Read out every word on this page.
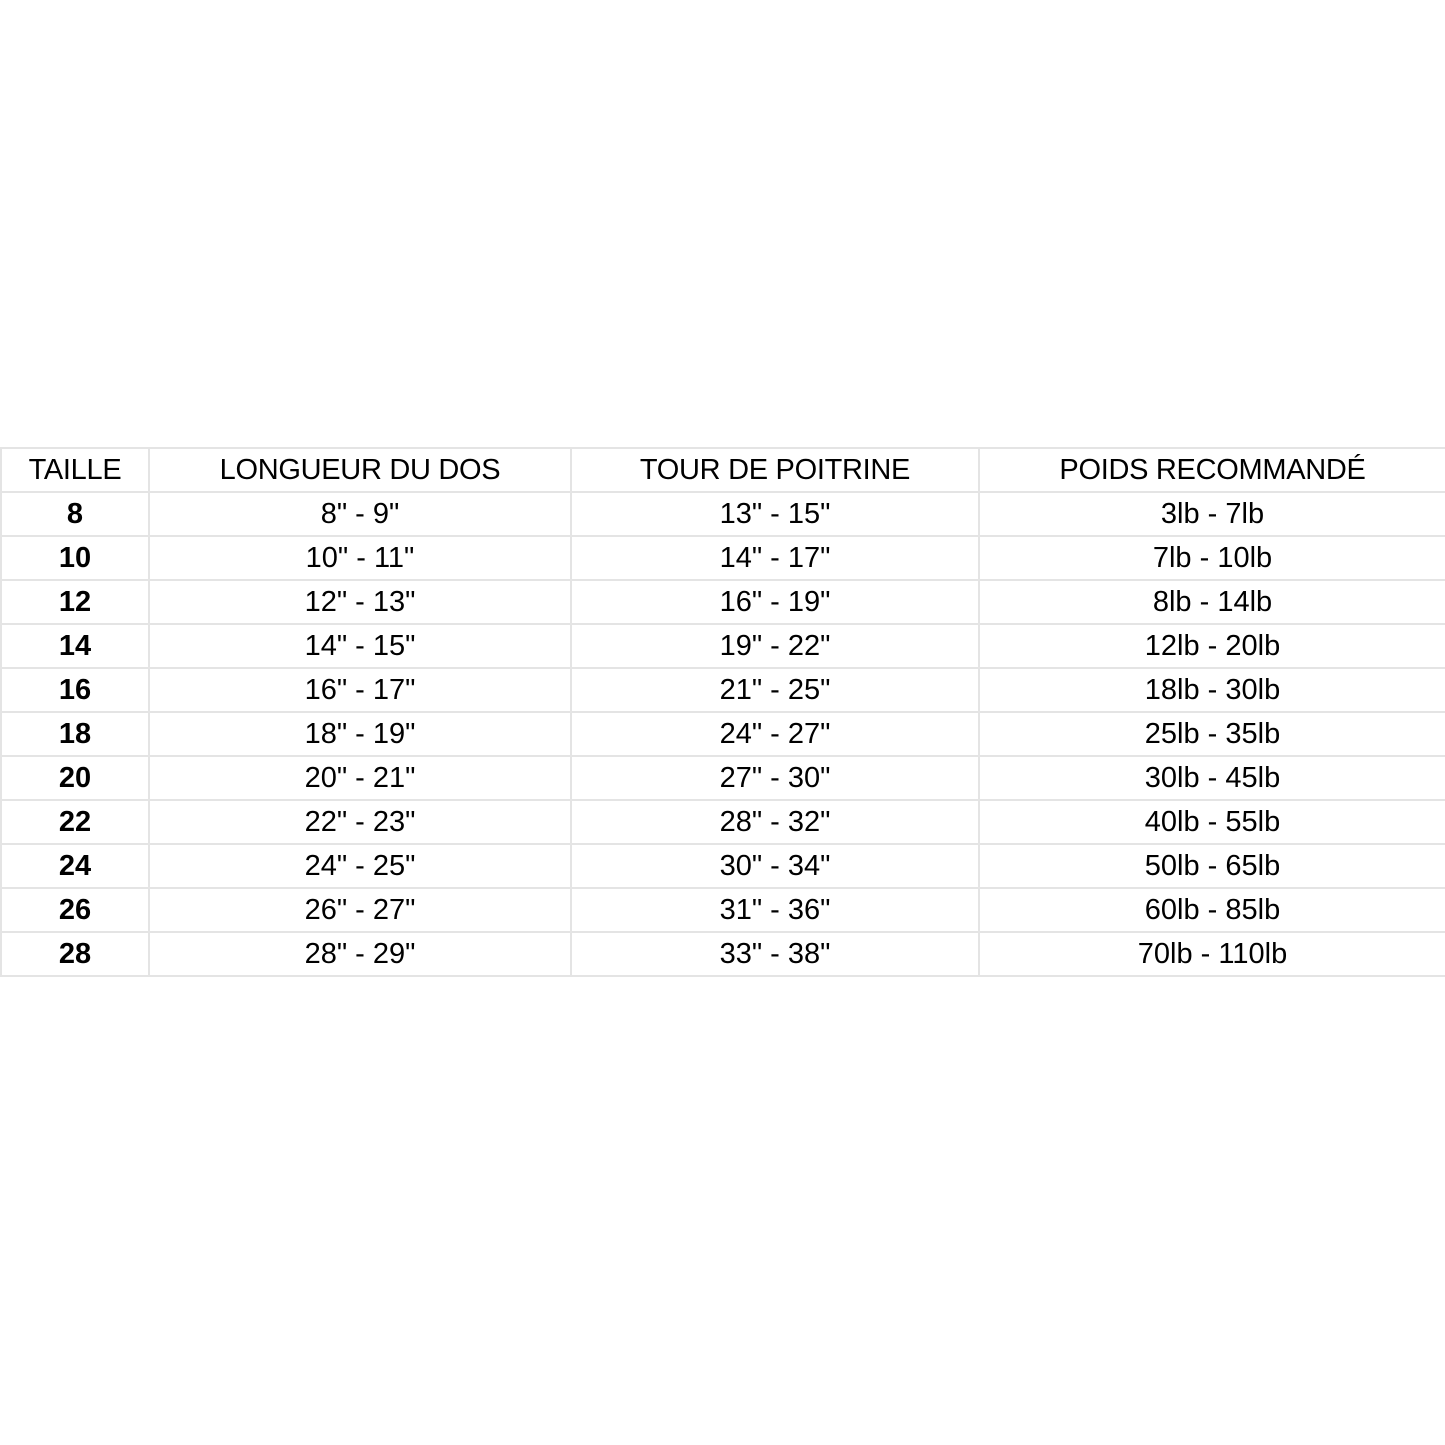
TAILLE	LONGUEUR DU DOS	TOUR DE POITRINE	POIDS RECOMMANDÉ
8	8" - 9"	13" - 15"	3lb - 7lb
10	10" - 11"	14" - 17"	7lb - 10lb
12	12" - 13"	16" - 19"	8lb - 14lb
14	14" - 15"	19" - 22"	12lb - 20lb
16	16" - 17"	21" - 25"	18lb - 30lb
18	18" - 19"	24" - 27"	25lb - 35lb
20	20" - 21"	27" - 30"	30lb - 45lb
22	22" - 23"	28" - 32"	40lb - 55lb
24	24" - 25"	30" - 34"	50lb - 65lb
26	26" - 27"	31" - 36"	60lb - 85lb
28	28" - 29"	33" - 38"	70lb - 110lb
